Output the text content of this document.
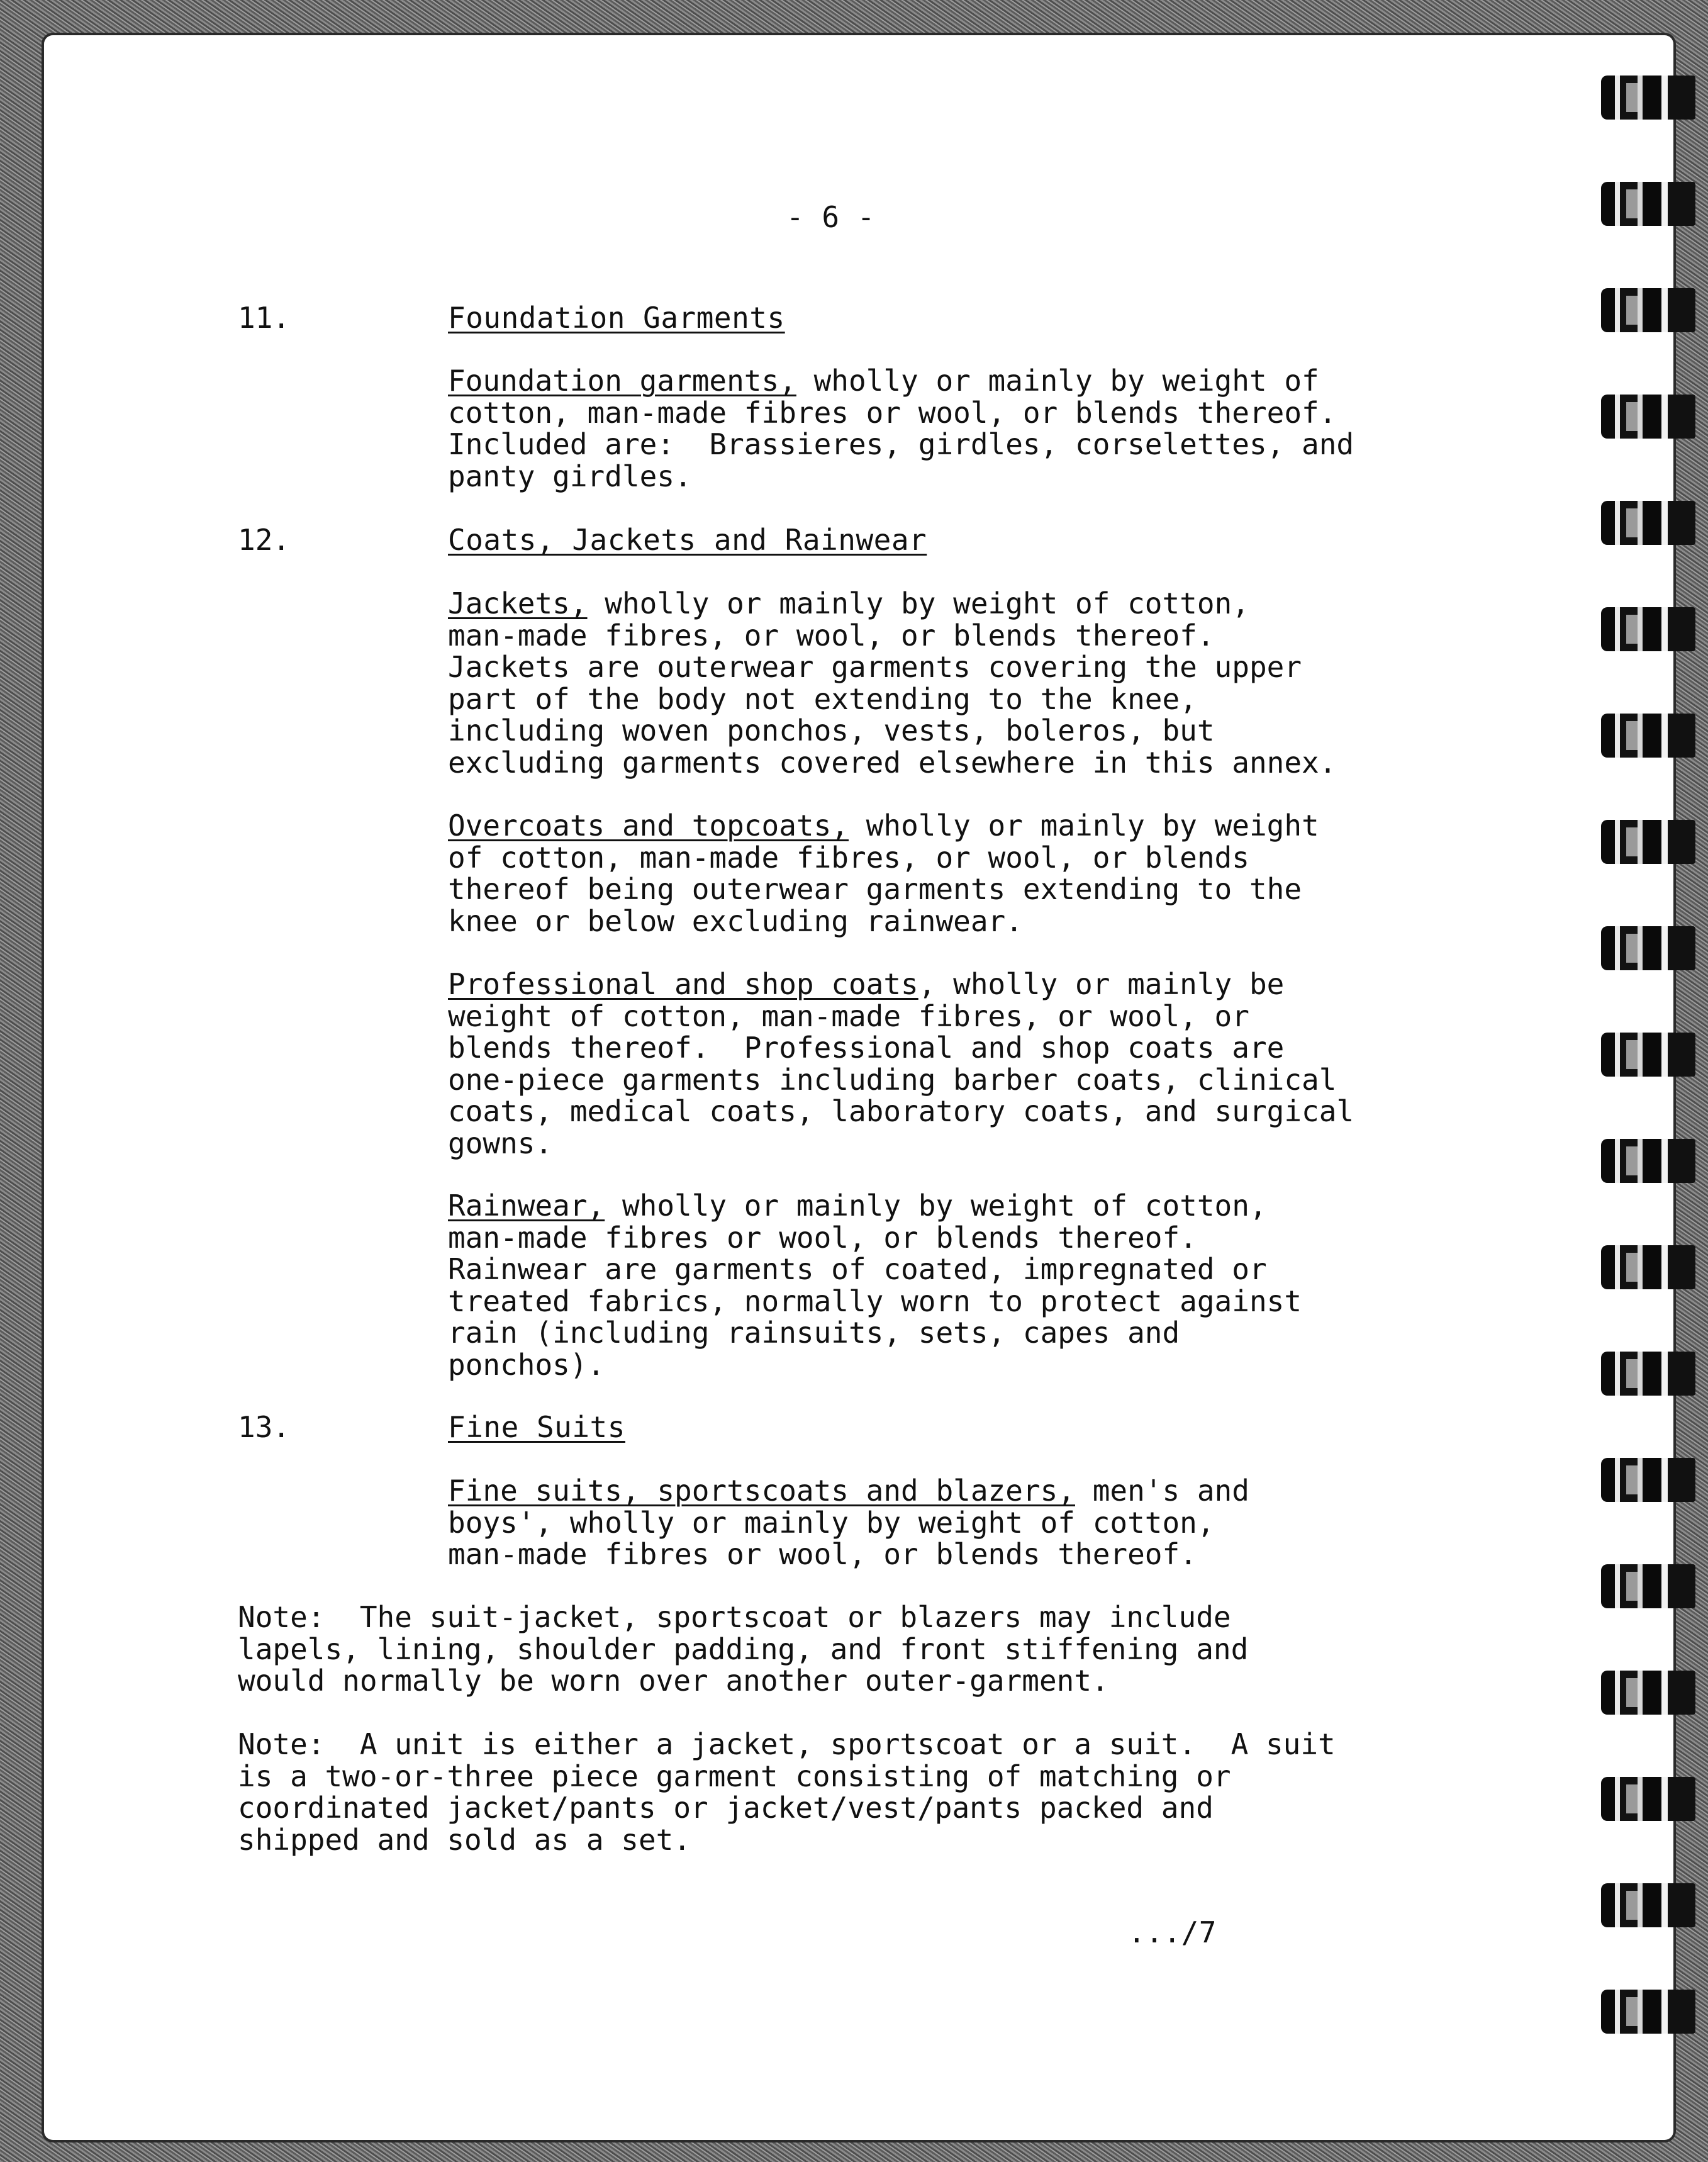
- 6 -
11.	Foundation Garments
Foundation garments, wholly or mainly by weight of
cotton, man-made fibres or wool, or blends thereof.
Included are:  Brassieres, girdles, corselettes, and
panty girdles.
12.	Coats, Jackets and Rainwear
Jackets, wholly or mainly by weight of cotton,
man-made fibres, or wool, or blends thereof.
Jackets are outerwear garments covering the upper
part of the body not extending to the knee,
including woven ponchos, vests, boleros, but
excluding garments covered elsewhere in this annex.
Overcoats and topcoats, wholly or mainly by weight
of cotton, man-made fibres, or wool, or blends
thereof being outerwear garments extending to the
knee or below excluding rainwear.
Professional and shop coats, wholly or mainly be
weight of cotton, man-made fibres, or wool, or
blends thereof.  Professional and shop coats are
one-piece garments including barber coats, clinical
coats, medical coats, laboratory coats, and surgical
gowns.
Rainwear, wholly or mainly by weight of cotton,
man-made fibres or wool, or blends thereof.
Rainwear are garments of coated, impregnated or
treated fabrics, normally worn to protect against
rain (including rainsuits, sets, capes and
ponchos).
13.	Fine Suits
Fine suits, sportscoats and blazers, men's and
boys', wholly or mainly by weight of cotton,
man-made fibres or wool, or blends thereof.
Note:  The suit-jacket, sportscoat or blazers may include
lapels, lining, shoulder padding, and front stiffening and
would normally be worn over another outer-garment.
Note:  A unit is either a jacket, sportscoat or a suit.  A suit
is a two-or-three piece garment consisting of matching or
coordinated jacket/pants or jacket/vest/pants packed and
shipped and sold as a set.
.../7
